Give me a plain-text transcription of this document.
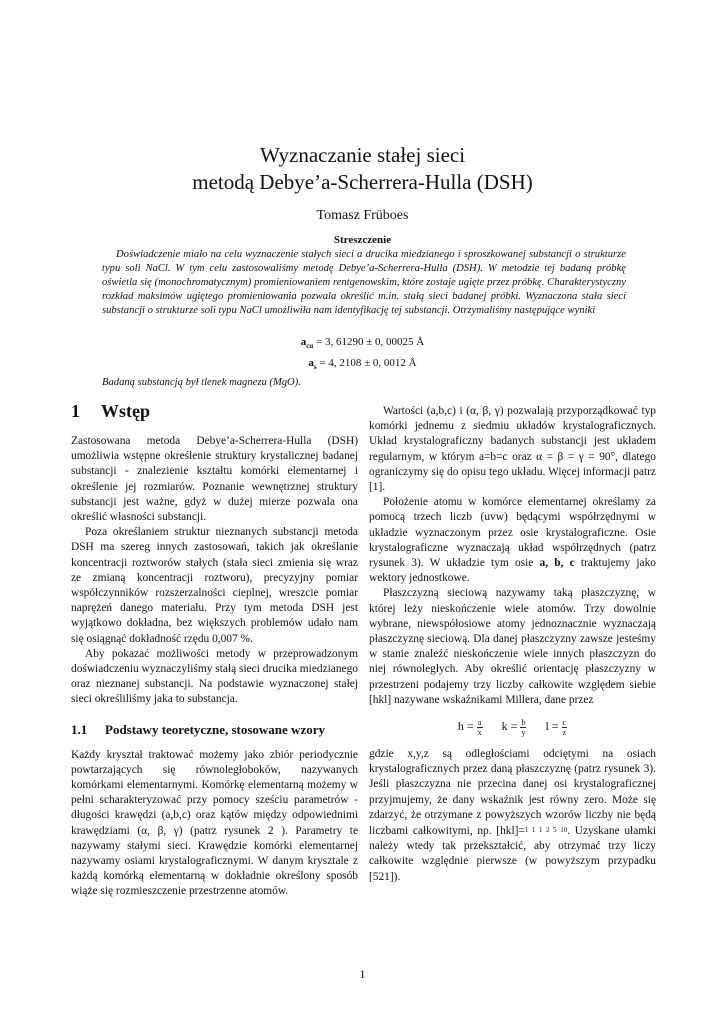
Wyznaczanie stałej sieci
metodą Debye’a-Scherrera-Hulla (DSH)
Tomasz Früboes
Streszczenie
Doświadczenie miało na celu wyznaczenie stałych sieci a drucika miedzianego i sproszkowanej substancji o strukturze typu soli NaCl. W tym celu zastosowaliśmy metodę Debye’a-Scherrera-Hulla (DSH). W metodzie tej badaną próbkę oświetla się (monochromatycznym) promieniowaniem rentgenowskim, które zostaje ugięte przez próbkę. Charakterystyczny rozkład maksimów ugiętego promieniowania pozwala określić m.in. stałą sieci badanej próbki. Wyznaczona stała sieci substancji o strukturze soli typu NaCl umożliwiła nam identyfikację tej substancji. Otrzymaliśmy następujące wyniki
$a_{cu} = 3$, 61290 ± 0, 00025 Å
$a_s = 4$, 2108 ± 0, 0012 Å
Badaną substancją był tlenek magnezu (MgO).
1 Wstęp

Zastosowana metoda Debye’a-Scherrera-Hulla (DSH) umożliwia wstępne określenie struktury krystalicznej badanej substancji - znalezienie kształtu komórki elementarnej i określenie jej rozmiarów. Poznanie wewnętrznej struktury substancji jest ważne, gdyż w dużej mierze pozwala ona określić własności substancji.

Poza określaniem struktur nieznanych substancji metoda DSH ma szereg innych zastosowań, takich jak określanie koncentracji roztworów stałych (stała sieci zmienia się wraz ze zmianą koncentracji roztworu), precyzyjny pomiar współczynników rozszerzalności cieplnej, wreszcie pomiar naprężeń danego materiału. Przy tym metoda DSH jest wyjątkowo dokładna, bez większych problemów udało nam się osiągnąć dokładność rzędu 0,007 %.

Aby pokazać możliwości metody w przeprowadzonym doświadczeniu wyznaczyliśmy stałą sieci drucika miedzianego oraz nieznanej substancji. Na podstawie wyznaczonej stałej sieci określiliśmy jaka to substancja.

1.1 Podstawy teoretyczne, stosowane wzory

Każdy kryształ traktować możemy jako zbiór periodycznie powtarzających się równoległoboków, nazywanych komórkami elementarnymi. Komórkę elementarną możemy w pełni scharakteryzować przy pomocy sześciu parametrów - długości krawędzi (a,b,c) oraz kątów między odpowiednimi krawędziami (α, β, γ) (patrz rysunek 2 ). Parametry te nazywamy stałymi sieci. Krawędzie komórki elementarnej nazywamy osiami krystalograficznymi. W danym krysztale z każdą komórką elementarną w dokładnie określony sposób wiąże się rozmieszczenie przestrzenne atomów.

Wartości (a,b,c) i (α, β, γ) pozwalają przyporządkować typ komórki jednemu z siedmiu układów krystalograficznych. Układ krystalograficzny badanych substancji jest układem regularnym, w którym a=b=c oraz α = β = γ = 90°, dlatego ograniczymy się do opisu tego układu. Więcej informacji patrz [1].

Położenie atomu w komórce elementarnej określamy za pomocą trzech liczb (uvw) będącymi współrzędnymi w układzie wyznaczonym przez osie krystalograficzne. Osie krystalograficzne wyznaczają układ współrzędnych (patrz rysunek 3). W układzie tym osie a, b, c traktujemy jako wektory jednostkowe.

Płaszczyzną sieciową nazywamy taką płaszczyznę, w której leży nieskończenie wiele atomów. Trzy dowolnie wybrane, niewspółosiowe atomy jednoznacznie wyznaczają płaszczyznę sieciową. Dla danej płaszczyzny zawsze jesteśmy w stanie znaleźć nieskończenie wiele innych płaszczyzn do niej równoległych. Aby określić orientację płaszczyzny w przestrzeni podajemy trzy liczby całkowite względem siebie [hkl] nazywane wskaźnikami Millera, dane przez

$h = \frac{a}{x}$ $k = \frac{b}{y}$ $l = \frac{c}{z}$

gdzie x,y,z są odległościami odciętymi na osiach krystalograficznych przez daną płaszczyznę (patrz rysunek 3). Jeśli płaszczyzna nie przecina danej osi krystalograficznej przyjmujemy, że dany wskaźnik jest równy zero. Może się zdarzyć, że otrzymane z powyższych wzorów liczby nie będą liczbami całkowitymi, np. [hkl]=1 1 1 2 5 10. Uzyskane ułamki należy wtedy tak przekształcić, aby otrzymać trzy liczy całkowite względnie pierwsze (w powyższym przypadku [521]).

1
